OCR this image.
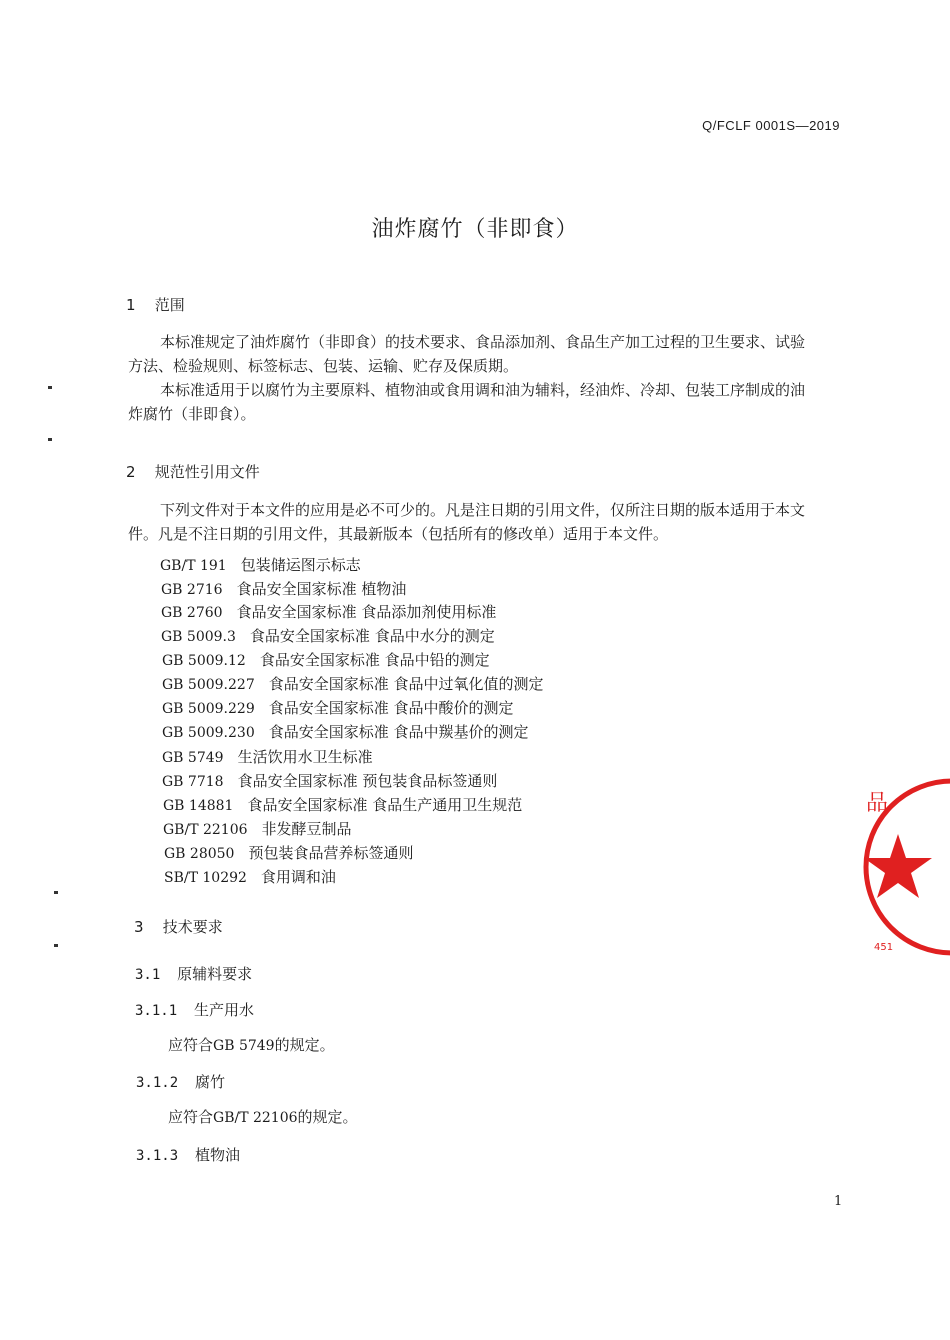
Q/FCLF 0001S—2019
油炸腐竹（非即食）
1 范围
本标准规定了油炸腐竹（非即食）的技术要求、食品添加剂、食品生产加工过程的卫生要求、试验
方法、检验规则、标签标志、包装、运输、贮存及保质期。
本标准适用于以腐竹为主要原料、植物油或食用调和油为辅料，经油炸、冷却、包装工序制成的油
炸腐竹（非即食）。
2 规范性引用文件
下列文件对于本文件的应用是必不可少的。凡是注日期的引用文件，仅所注日期的版本适用于本文
件。凡是不注日期的引用文件，其最新版本（包括所有的修改单）适用于本文件。
GB/T 191 包装储运图示标志
GB 2716 食品安全国家标准 植物油
GB 2760 食品安全国家标准 食品添加剂使用标准
GB 5009.3 食品安全国家标准 食品中水分的测定
GB 5009.12 食品安全国家标准 食品中铅的测定
GB 5009.227 食品安全国家标准 食品中过氧化值的测定
GB 5009.229 食品安全国家标准 食品中酸价的测定
GB 5009.230 食品安全国家标准 食品中羰基价的测定
GB 5749 生活饮用水卫生标准
GB 7718 食品安全国家标准 预包装食品标签通则
GB 14881 食品安全国家标准 食品生产通用卫生规范
GB/T 22106 非发酵豆制品
GB 28050 预包装食品营养标签通则
SB/T 10292 食用调和油
3 技术要求
3.1 原辅料要求
3.1.1 生产用水
应符合GB 5749的规定。
3.1.2 腐竹
应符合GB/T 22106的规定。
3.1.3 植物油
1
品
451
